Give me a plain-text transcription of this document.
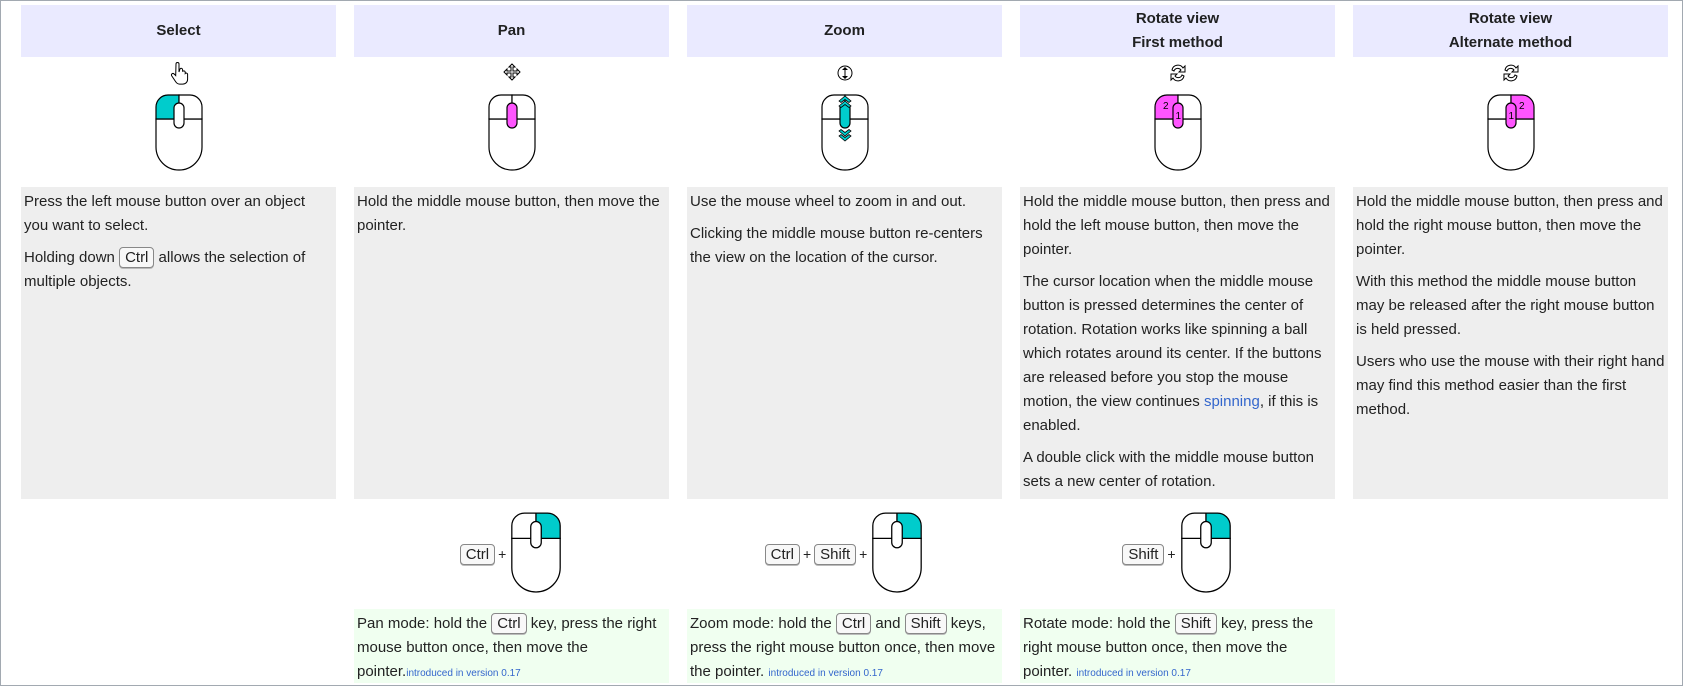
Select

Press the left mouse button over an object you want to select.

Holding down Ctrl allows the selection of multiple objects.

Pan

Hold the middle mouse button, then move the pointer.

Ctrl +

Pan mode: hold the Ctrl key, press the right mouse button once, then move the pointer.introduced in version 0.17

Zoom

Use the mouse wheel to zoom in and out.

Clicking the middle mouse button re-centers the view on the location of the cursor.

Ctrl + Shift +

Zoom mode: hold the Ctrl and Shift keys, press the right mouse button once, then move the pointer. introduced in version 0.17

Rotate view
First method
2
1

Hold the middle mouse button, then press and hold the left mouse button, then move the pointer.

The cursor location when the middle mouse button is pressed determines the center of rotation. Rotation works like spinning a ball which rotates around its center. If the buttons are released before you stop the mouse motion, the view continues spinning, if this is enabled.

A double click with the middle mouse button sets a new center of rotation.

Shift +

Rotate mode: hold the Shift key, press the right mouse button once, then move the pointer. introduced in version 0.17

Rotate view
Alternate method
2
1

Hold the middle mouse button, then press and hold the right mouse button, then move the pointer.

With this method the middle mouse button may be released after the right mouse button is held pressed.

Users who use the mouse with their right hand may find this method easier than the first method.
